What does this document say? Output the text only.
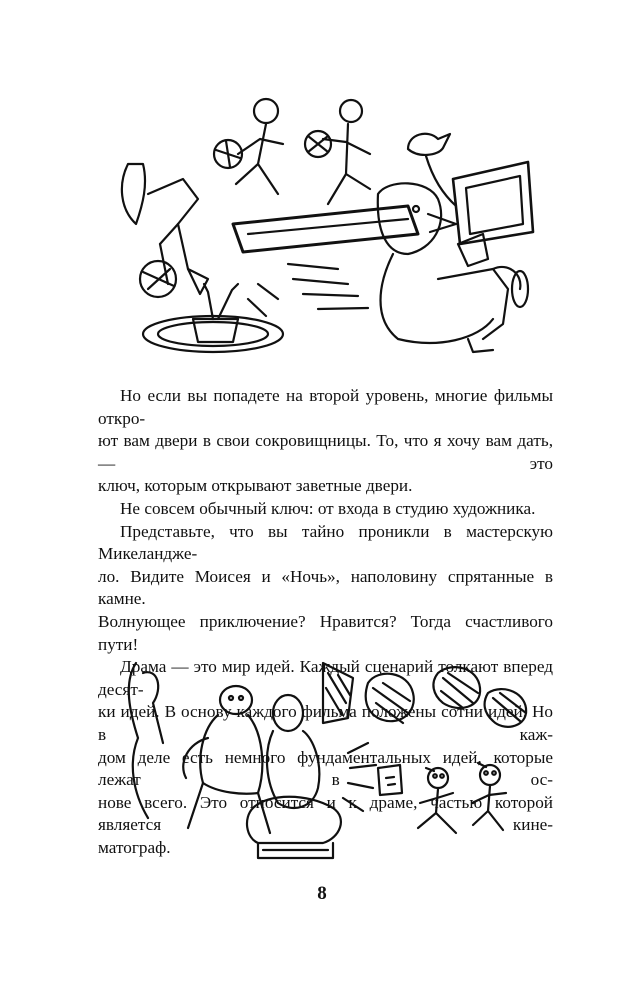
Но если вы попадете на второй уровень, многие фильмы откро-
ют вам двери в свои сокровищницы. То, что я хочу вам дать, — это
ключ, которым открывают заветные двери.

Не совсем обычный ключ: от входа в студию художника.

Представьте, что вы тайно проникли в мастерскую Микеландже-
ло. Видите Моисея и «Ночь», наполовину спрятанные в камне.
Волнующее приключение? Нравится? Тогда счастливого пути!

Драма — это мир идей. Каждый сценарий толкают вперед десят-
ки идей. В основу каждого фильма положены сотни идей. Но в каж-
дом деле есть немного фундаментальных идей, которые лежат в ос-
нове всего. Это относится и к драме, частью которой является кине-
матограф.

8
